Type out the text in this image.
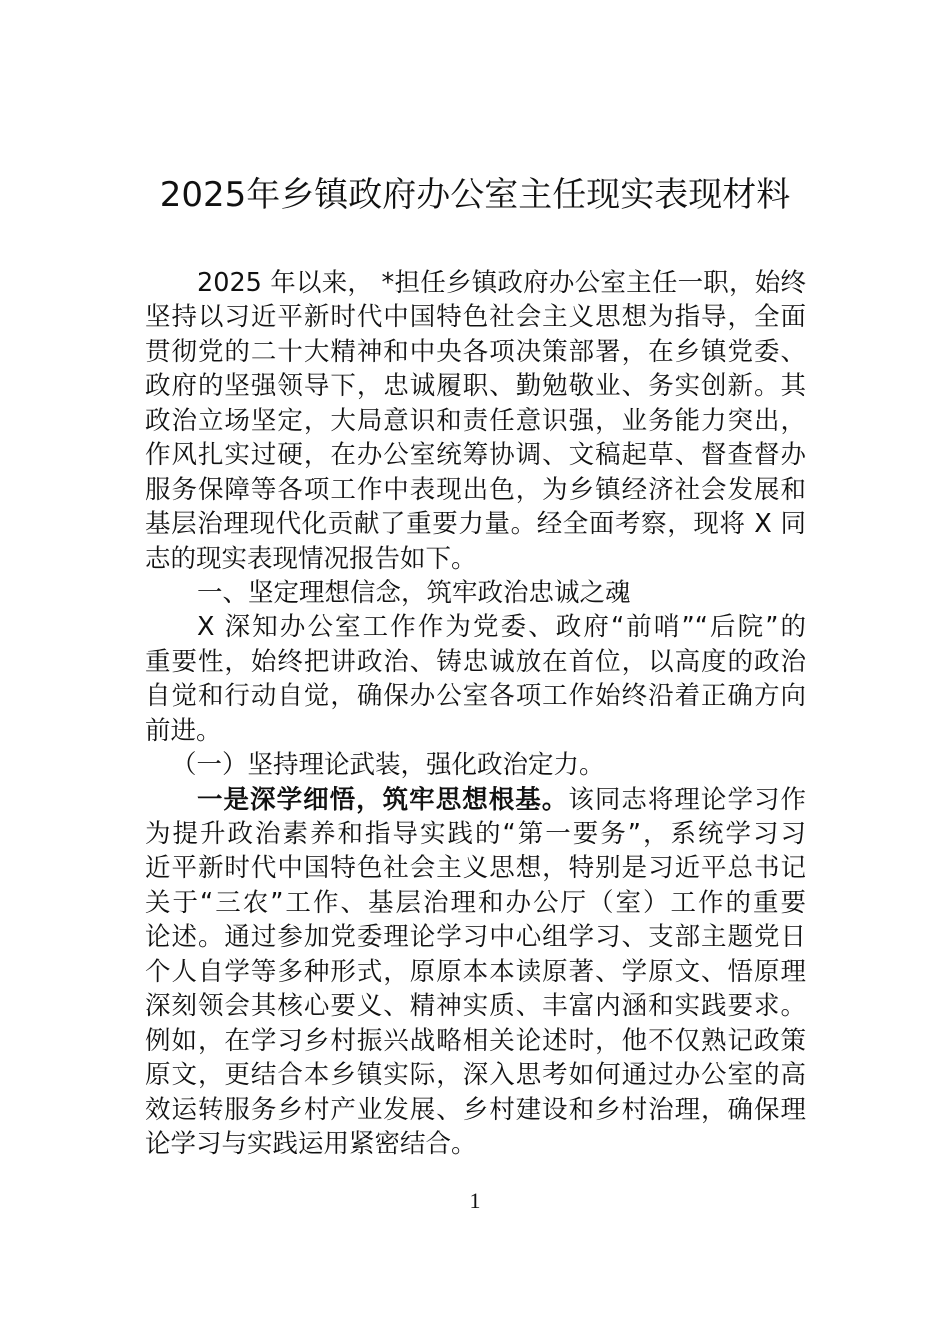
2025年乡镇政府办公室主任现实表现材料
2025 年以来， *担任乡镇政府办公室主任一职，始终
坚持以习近平新时代中国特色社会主义思想为指导，全面
贯彻党的二十大精神和中央各项决策部署，在乡镇党委、
政府的坚强领导下，忠诚履职、勤勉敬业、务实创新。其
政治立场坚定，大局意识和责任意识强，业务能力突出，
作风扎实过硬，在办公室统筹协调、文稿起草、督查督办
服务保障等各项工作中表现出色，为乡镇经济社会发展和
基层治理现代化贡献了重要力量。经全面考察，现将 X 同
志的现实表现情况报告如下。
一、坚定理想信念，筑牢政治忠诚之魂
X 深知办公室工作作为党委、政府“前哨”“后院”的
重要性，始终把讲政治、铸忠诚放在首位，以高度的政治
自觉和行动自觉，确保办公室各项工作始终沿着正确方向
前进。
（一）坚持理论武装，强化政治定力。
一是深学细悟，筑牢思想根基。该同志将理论学习作
为提升政治素养和指导实践的“第一要务”，系统学习习
近平新时代中国特色社会主义思想，特别是习近平总书记
关于“三农”工作、基层治理和办公厅（室）工作的重要
论述。通过参加党委理论学习中心组学习、支部主题党日
个人自学等多种形式，原原本本读原著、学原文、悟原理
深刻领会其核心要义、精神实质、丰富内涵和实践要求。
例如，在学习乡村振兴战略相关论述时，他不仅熟记政策
原文，更结合本乡镇实际，深入思考如何通过办公室的高
效运转服务乡村产业发展、乡村建设和乡村治理，确保理
论学习与实践运用紧密结合。
1
